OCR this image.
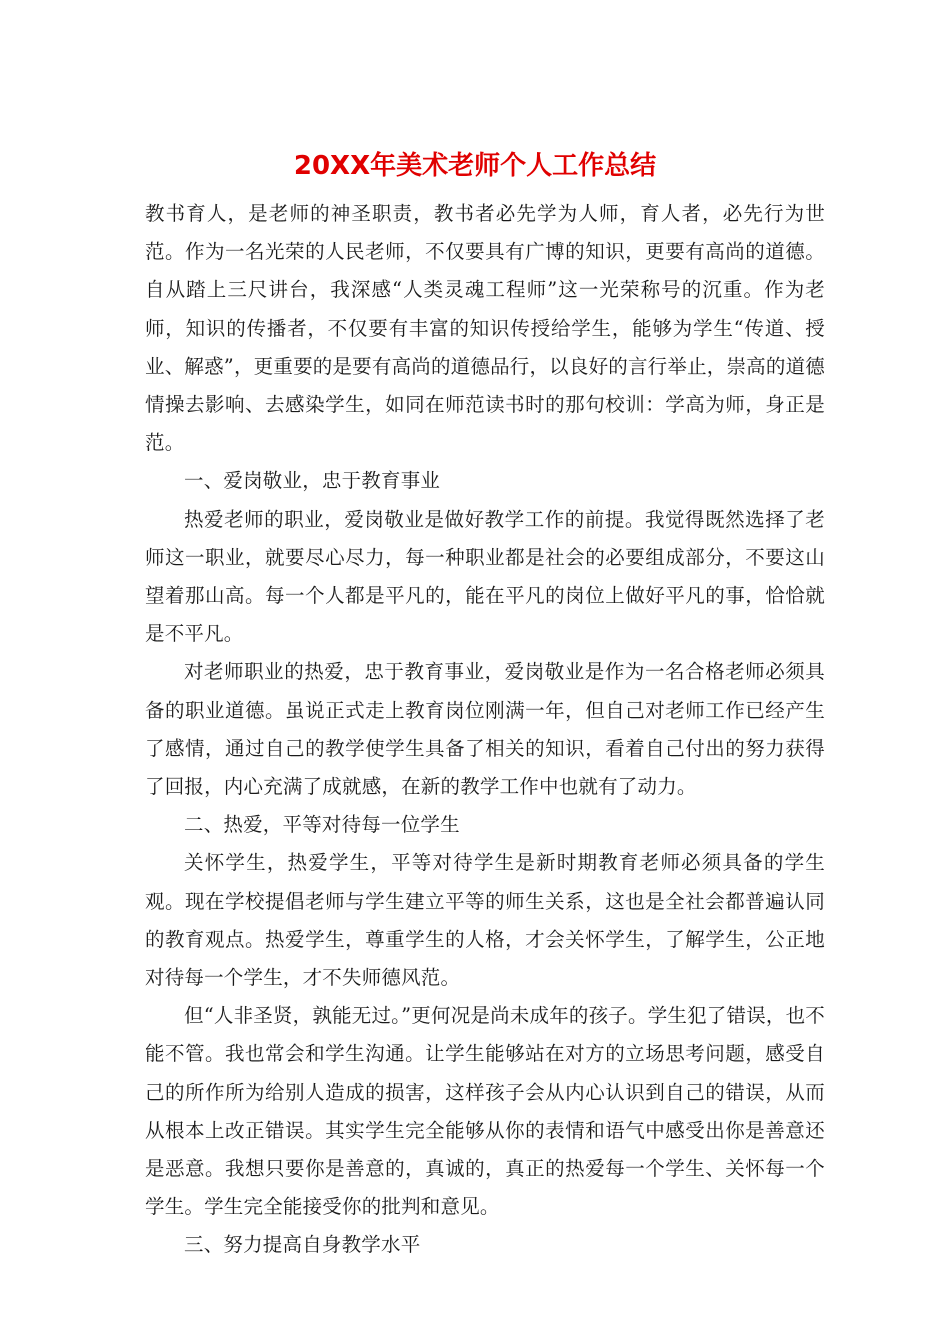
20XX年美术老师个人工作总结

教书育人，是老师的神圣职责，教书者必先学为人师，育人者，必先行为世范。作为一名光荣的人民老师，不仅要具有广博的知识，更要有高尚的道德。自从踏上三尺讲台，我深感“人类灵魂工程师”这一光荣称号的沉重。作为老师，知识的传播者，不仅要有丰富的知识传授给学生，能够为学生“传道、授业、解惑”，更重要的是要有高尚的道德品行，以良好的言行举止，崇高的道德情操去影响、去感染学生，如同在师范读书时的那句校训：学高为师，身正是范。

一、爱岗敬业，忠于教育事业

热爱老师的职业，爱岗敬业是做好教学工作的前提。我觉得既然选择了老师这一职业，就要尽心尽力，每一种职业都是社会的必要组成部分，不要这山望着那山高。每一个人都是平凡的，能在平凡的岗位上做好平凡的事，恰恰就是不平凡。

对老师职业的热爱，忠于教育事业，爱岗敬业是作为一名合格老师必须具备的职业道德。虽说正式走上教育岗位刚满一年，但自己对老师工作已经产生了感情，通过自己的教学使学生具备了相关的知识，看着自己付出的努力获得了回报，内心充满了成就感，在新的教学工作中也就有了动力。

二、热爱，平等对待每一位学生

关怀学生，热爱学生，平等对待学生是新时期教育老师必须具备的学生观。现在学校提倡老师与学生建立平等的师生关系，这也是全社会都普遍认同的教育观点。热爱学生，尊重学生的人格，才会关怀学生，了解学生，公正地对待每一个学生，才不失师德风范。

但“人非圣贤，孰能无过。”更何况是尚未成年的孩子。学生犯了错误，也不能不管。我也常会和学生沟通。让学生能够站在对方的立场思考问题，感受自己的所作所为给别人造成的损害，这样孩子会从内心认识到自己的错误，从而从根本上改正错误。其实学生完全能够从你的表情和语气中感受出你是善意还是恶意。我想只要你是善意的，真诚的，真正的热爱每一个学生、关怀每一个学生。学生完全能接受你的批判和意见。

三、努力提高自身教学水平
